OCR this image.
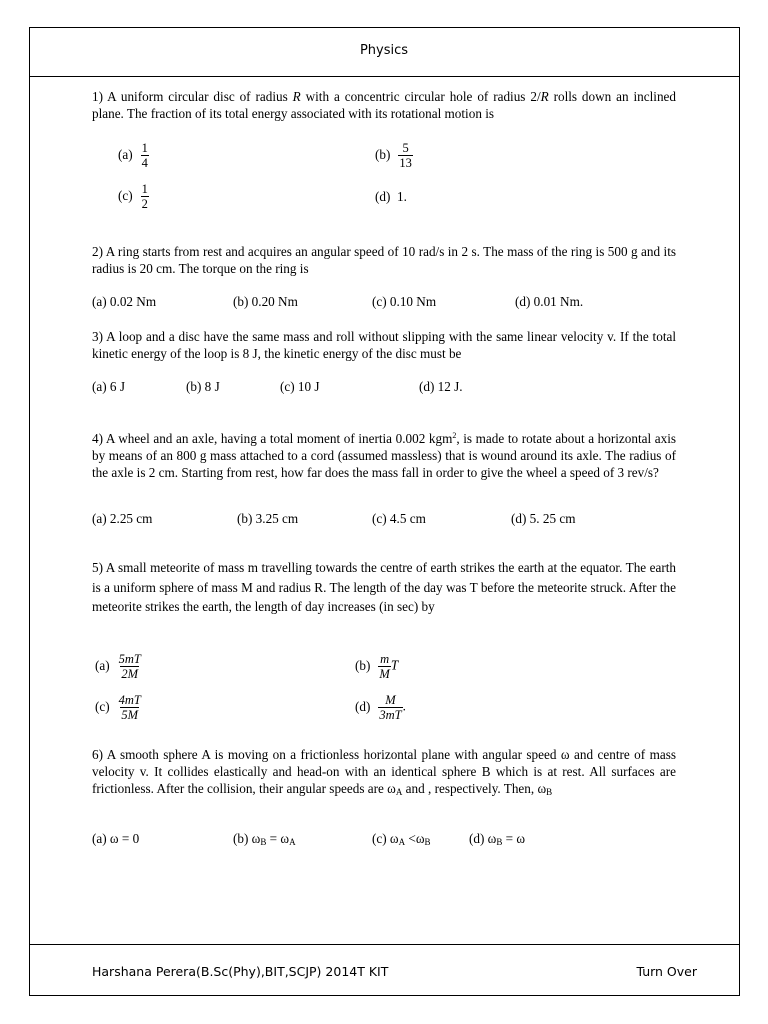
Physics
1) A uniform circular disc of radius R with a concentric circular hole of radius 2/R rolls down an inclined plane. The fraction of its total energy associated with its rotational motion is
$(a) \frac{1}{4}$	$(b) \frac{5}{13}$
$(c) \frac{1}{2}$	(d) 1.
2) A ring starts from rest and acquires an angular speed of 10 rad/s in 2 s. The mass of the ring is 500 g and its radius is 20 cm. The torque on the ring is
(a) 0.02 Nm	(b) 0.20 Nm	(c) 0.10 Nm	(d) 0.01 Nm.
3) A loop and a disc have the same mass and roll without slipping with the same linear velocity v. If the total kinetic energy of the loop is 8 J, the kinetic energy of the disc must be
(a) 6 J	(b) 8 J	(c) 10 J	(d) 12 J.
4) A wheel and an axle, having a total moment of inertia 0.002 kgm$^2$, is made to rotate about a horizontal axis by means of an 800 g mass attached to a cord (assumed massless) that is wound around its axle. The radius of the axle is 2 cm. Starting from rest, how far does the mass fall in order to give the wheel a speed of 3 rev/s?
(a) 2.25 cm	(b) 3.25 cm	(c) 4.5 cm	(d) 5. 25 cm
5) A small meteorite of mass m travelling towards the centre of earth strikes the earth at the equator. The earth is a uniform sphere of mass M and radius R. The length of the day was T before the meteorite struck. After the meteorite strikes the earth, the length of day increases (in sec) by
$(a) \frac{5mT}{2M}$	$(b) \frac{m}{M}$ T
$(c) \frac{4mT}{5M}$	$(d) \frac{M}{3mT}$ .
6) A smooth sphere A is moving on a frictionless horizontal plane with angular speed ω and centre of mass velocity v. It collides elastically and head-on with an identical sphere B which is at rest. All surfaces are frictionless. After the collision, their angular speeds are $\omega_A$ and , respectively. Then, $\omega_B$
(a) ω = 0	(b) $\omega_B = \omega_A$	(c) $\omega_A <\omega_B$	(d) $\omega_B = \omega$
Harshana Perera(B.Sc(Phy),BIT,SCJP) 2014T KIT	Turn Over
